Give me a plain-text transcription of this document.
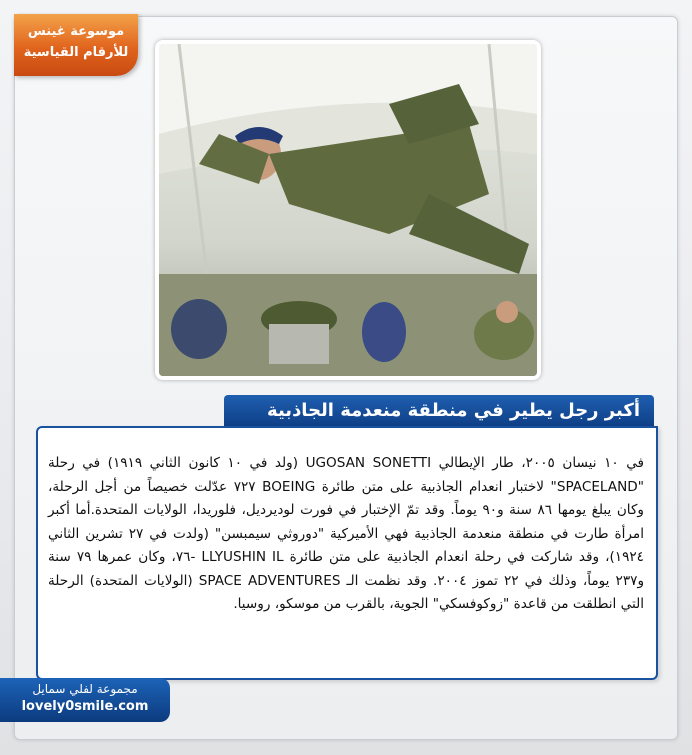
موسوعة غينس
للأرقام القياسية
أكبر رجل يطير في منطقة منعدمة الجاذبية

في ١٠ نيسان ٢٠٠٥، طار الإيطالي UGOSAN SONETTI (ولد في ١٠ كانون الثاني ١٩١٩) في رحلة "SPACELAND" لاختبار انعدام الجاذبية على متن طائرة BOEING ٧٢٧ عدّلت خصيصاً من أجل الرحلة، وكان يبلغ يومها ٨٦ سنة و٩٠ يوماً. وقد تمّ الإختبار في فورت لوديرديل، فلوريدا، الولايات المتحدة.أما أكبر امرأة طارت في منطقة منعدمة الجاذبية فهي الأميركية "دوروثي سيمبسن" (ولدت في ٢٧ تشرين الثاني ١٩٢٤)، وقد شاركت في رحلة انعدام الجاذبية على متن طائرة LLYUSHIN IL -٧٦، وكان عمرها ٧٩ سنة و٢٣٧ يوماً، وذلك في ٢٢ تموز ٢٠٠٤. وقد نظمت الـ SPACE ADVENTURES (الولايات المتحدة) الرحلة التي انطلقت من قاعدة "زوكوفسكي" الجوية، بالقرب من موسكو، روسيا.

مجموعة لفلي سمايل
lovely0smile.com
